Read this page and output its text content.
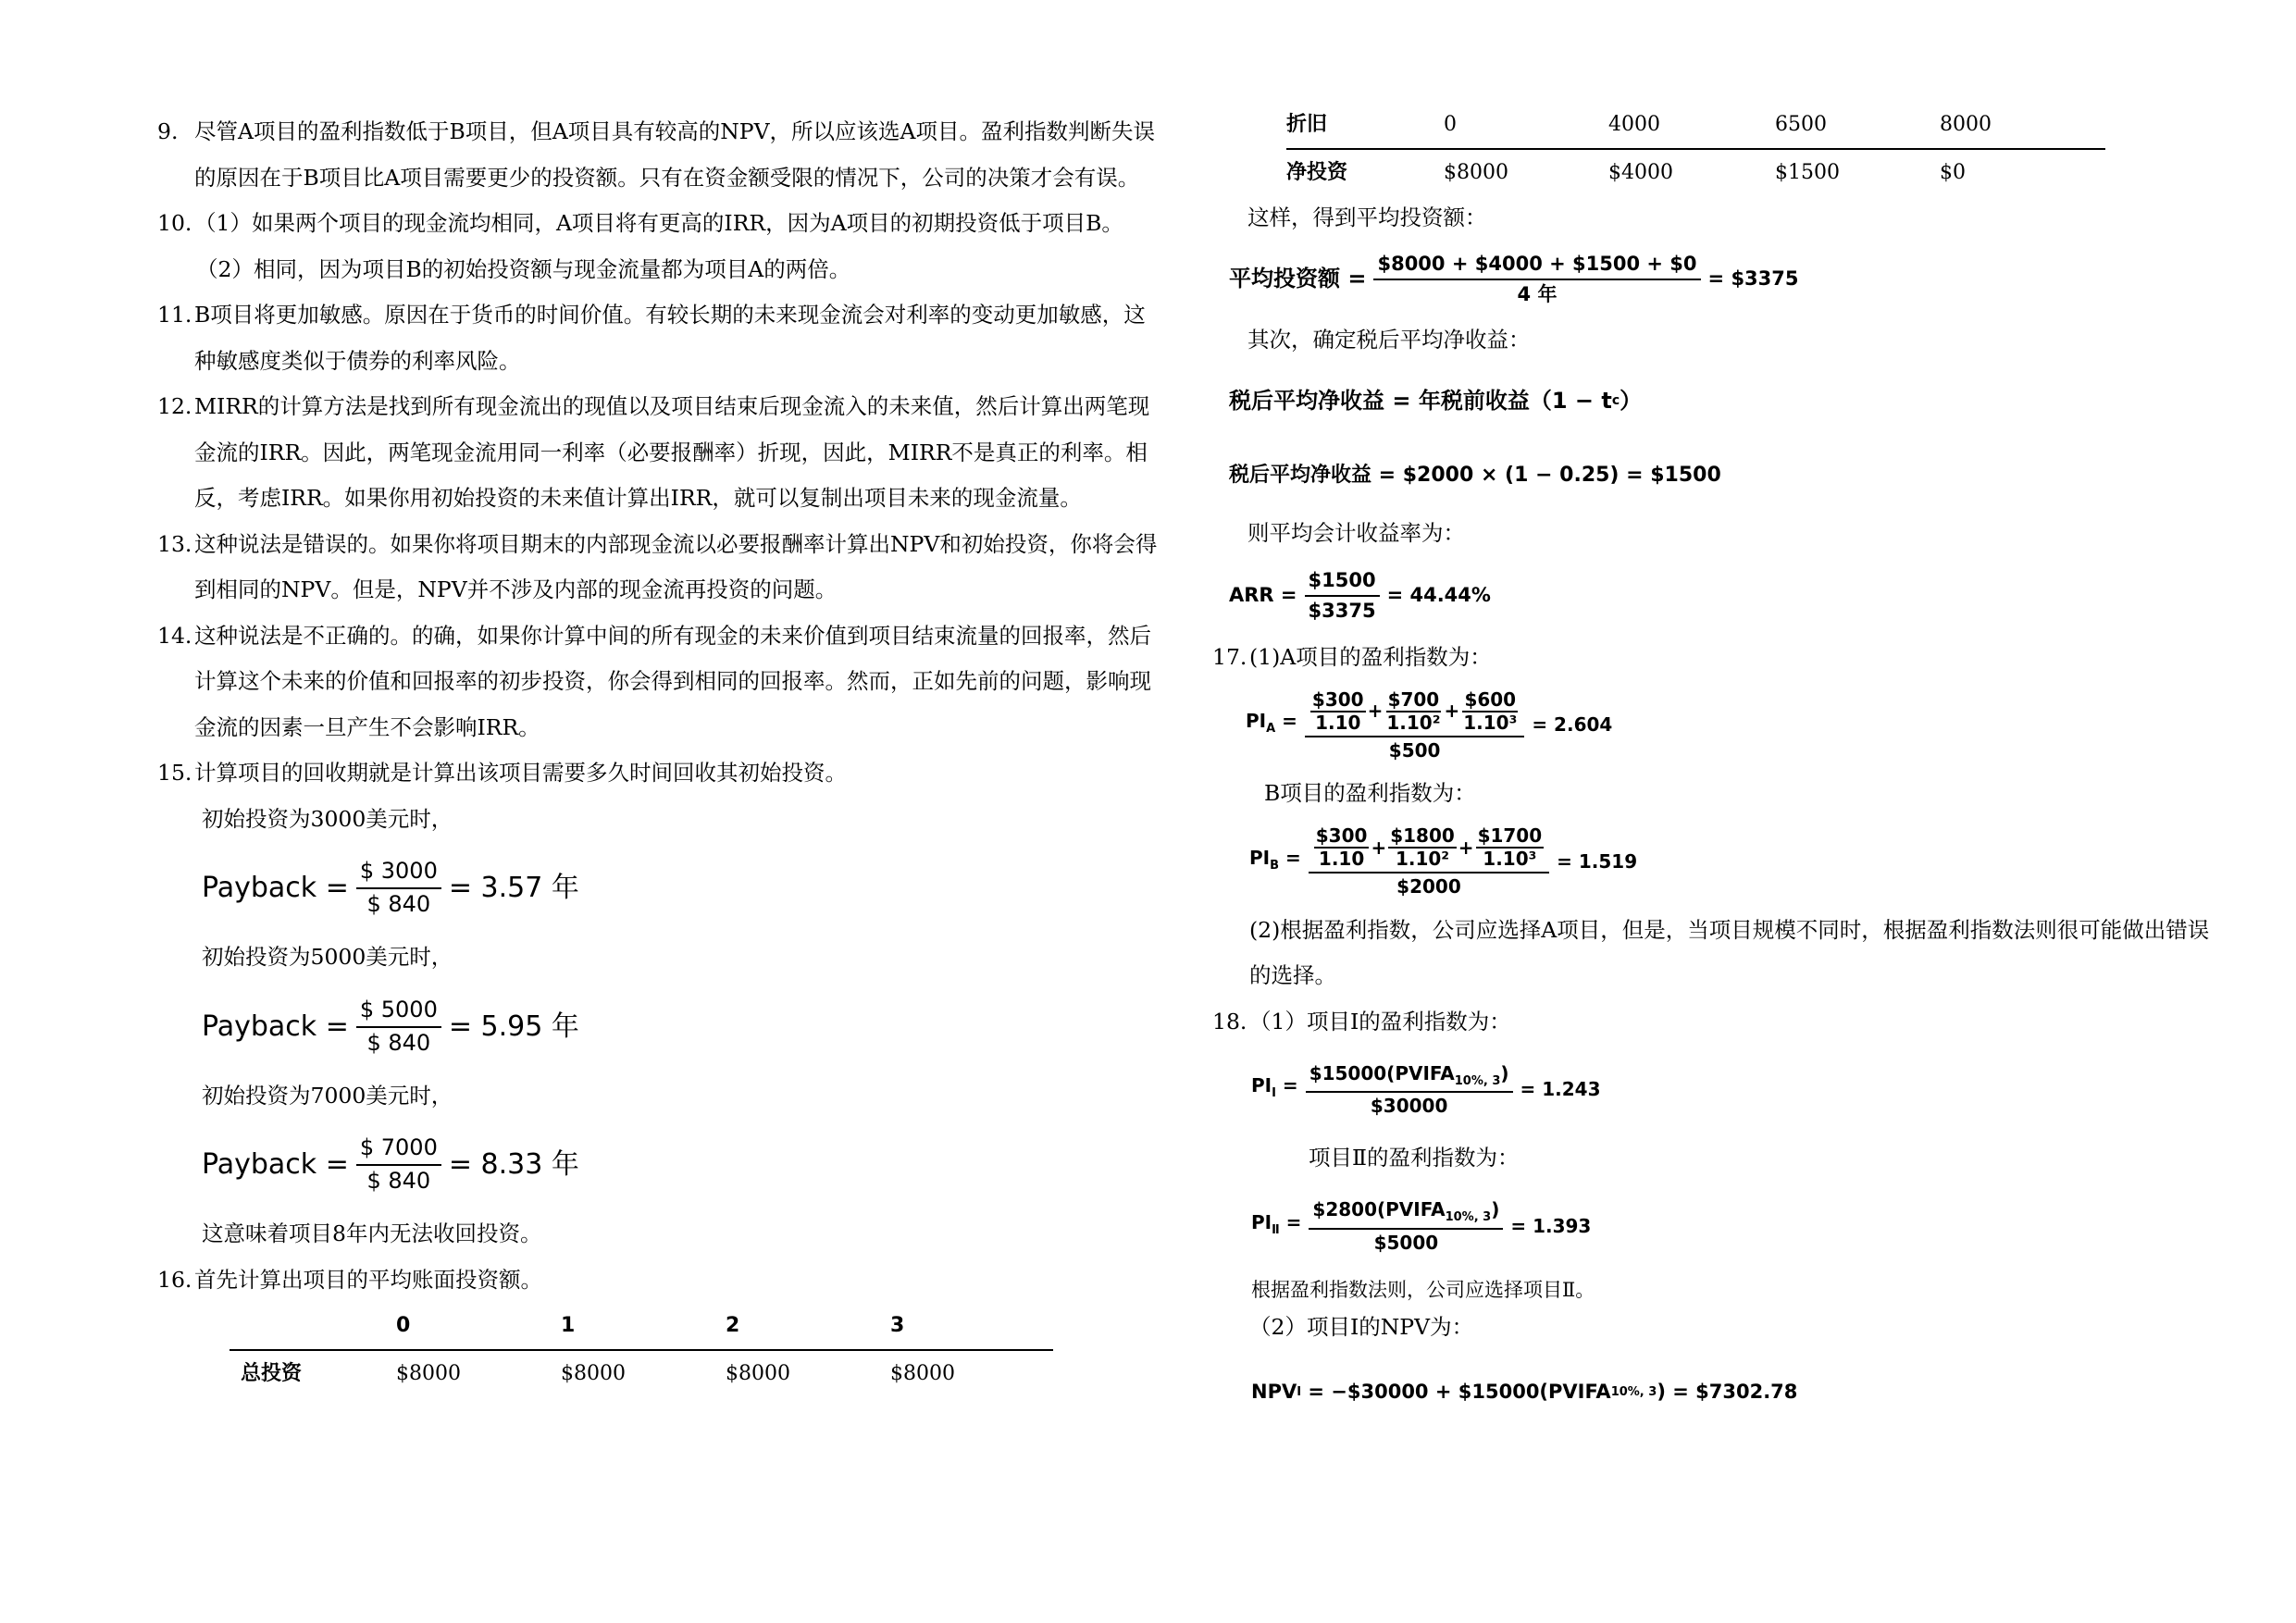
9. 尽管A项目的盈利指数低于B项目，但A项目具有较高的NPV，所以应该选A项目。盈利指数判断失误的原因在于B项目比A项目需要更少的投资额。只有在资金额受限的情况下，公司的决策才会有误。
10. （1）如果两个项目的现金流均相同，A项目将有更高的IRR，因为A项目的初期投资低于项目B。
（2）相同，因为项目B的初始投资额与现金流量都为项目A的两倍。
11. B项目将更加敏感。原因在于货币的时间价值。有较长期的未来现金流会对利率的变动更加敏感，这种敏感度类似于债券的利率风险。
12. MIRR的计算方法是找到所有现金流出的现值以及项目结束后现金流入的未来值，然后计算出两笔现金流的IRR。因此，两笔现金流用同一利率（必要报酬率）折现，因此，MIRR不是真正的利率。相反，考虑IRR。如果你用初始投资的未来值计算出IRR，就可以复制出项目未来的现金流量。
13. 这种说法是错误的。如果你将项目期末的内部现金流以必要报酬率计算出NPV和初始投资，你将会得到相同的NPV。但是，NPV并不涉及内部的现金流再投资的问题。
14. 这种说法是不正确的。的确，如果你计算中间的所有现金的未来价值到项目结束流量的回报率，然后计算这个未来的价值和回报率的初步投资，你会得到相同的回报率。然而，正如先前的问题，影响现金流的因素一旦产生不会影响IRR。
15. 计算项目的回收期就是计算出该项目需要多久时间回收其初始投资。
初始投资为3000美元时，
Payback = $\frac{\$ 3000}{\$ 840} = 3.57$ 年
初始投资为5000美元时，
Payback = $\frac{\$ 5000}{\$ 840} = 5.95$ 年
初始投资为7000美元时，
Payback = $\frac{\$ 7000}{\$ 840} = 8.33$ 年
这意味着项目8年内无法收回投资。
16. 首先计算出项目的平均账面投资额。
	0	1	2	3
总投资	$8000	$8000	$8000	$8000
折旧	0	4000	6500	8000
净投资	$8000	$4000	$1500	$0
这样，得到平均投资额：
平均投资额 = $\frac{\$8000 + \$4000 + \$1500 + \$0}{\text{4 年}}$ = $3375
其次，确定税后平均净收益：
税后平均净收益 = 年税前收益（1 − t c ）
税后平均净收益 = $2000 × (1 − 0.25) = $1500
则平均会计收益率为：
ARR = $\frac{\$1500}{\$3375} = 44.44\%$
17. (1)A项目的盈利指数为：
$PI_A = \frac{\frac{\$300}{1.10} + \frac{\$700}{\text{1.10²}} + \frac{\$600}{\text{1.10³}}}{\$500} = 2.604$
B项目的盈利指数为：
$PI_B = \frac{\frac{\$300}{1.10} + \frac{\$1800}{\text{1.10²}} + \frac{\$1700}{\text{1.10³}}}{\$2000} = 1.519$
(2)根据盈利指数，公司应选择A项目，但是，当项目规模不同时，根据盈利指数法则很可能做出错误的选择。
18. （1）项目Ⅰ的盈利指数为：
$PI_Ⅰ = \frac{\$15000(PVIFA_{10\%, 3})}{\$30000} = 1.243$
项目Ⅱ的盈利指数为：
$PI_Ⅱ = \frac{\$2800(PVIFA_{10\%, 3})}{\$5000} = 1.393$
根据盈利指数法则，公司应选择项目Ⅱ。
（2）项目Ⅰ的NPV为：
NPV Ⅰ
= −$30000 + $15000(PVIFA 10%, 3 ) = $7302.78
